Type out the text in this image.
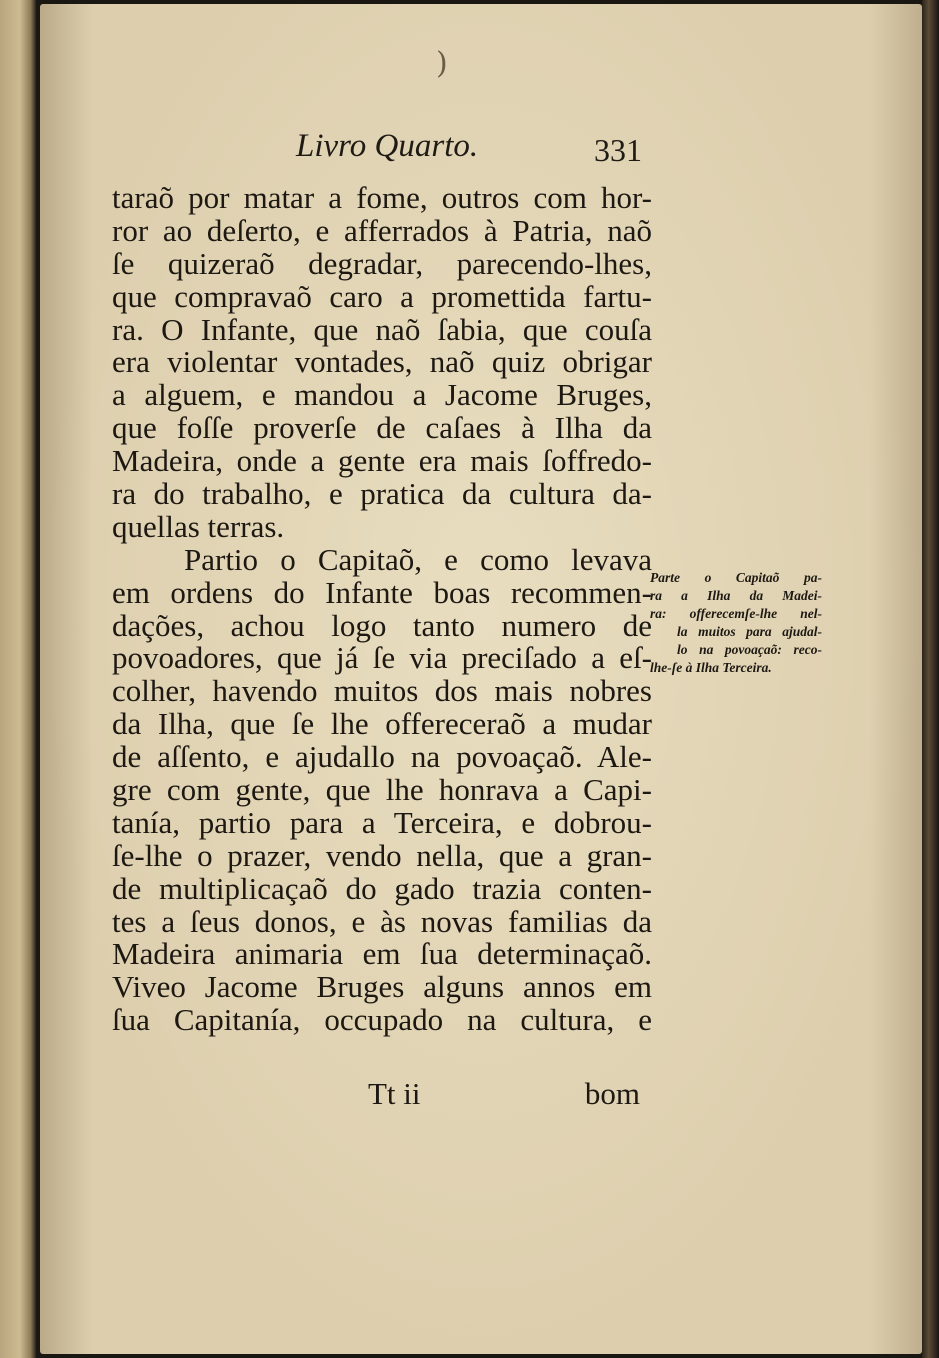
)
Livro Quarto.	331
taraõ por matar a fome, outros com hor-
ror ao deſerto, e afferrados à Patria, naõ
ſe quizeraõ degradar, parecendo-lhes,
que compravaõ caro a promettida fartu-
ra. O Infante, que naõ ſabia, que couſa
era violentar vontades, naõ quiz obrigar
a alguem, e mandou a Jacome Bruges,
que foſſe proverſe de caſaes à Ilha da
Madeira, onde a gente era mais ſoffredo-
ra do trabalho, e pratica da cultura da-
quellas terras.
Partio o Capitaõ, e como levava
em ordens do Infante boas recommen-
dações, achou logo tanto numero de
povoadores, que já ſe via preciſado a eſ-
colher, havendo muitos dos mais nobres
da Ilha, que ſe lhe offereceraõ a mudar
de aſſento, e ajudallo na povoaçaõ. Ale-
gre com gente, que lhe honrava a Capi-
tanía, partio para a Terceira, e dobrou-
ſe-lhe o prazer, vendo nella, que a gran-
de multiplicaçaõ do gado trazia conten-
tes a ſeus donos, e às novas familias da
Madeira animaria em ſua determinaçaõ.
Viveo Jacome Bruges alguns annos em
ſua Capitanía, occupado na cultura, e
Tt ii	bom
Parte o Capitaõ pa-
ra a Ilha da Madei-
ra: offerecemſe-lhe nel-
la muitos para ajudal-
lo na povoaçaõ: reco-
lhe-ſe à Ilha Terceira.
